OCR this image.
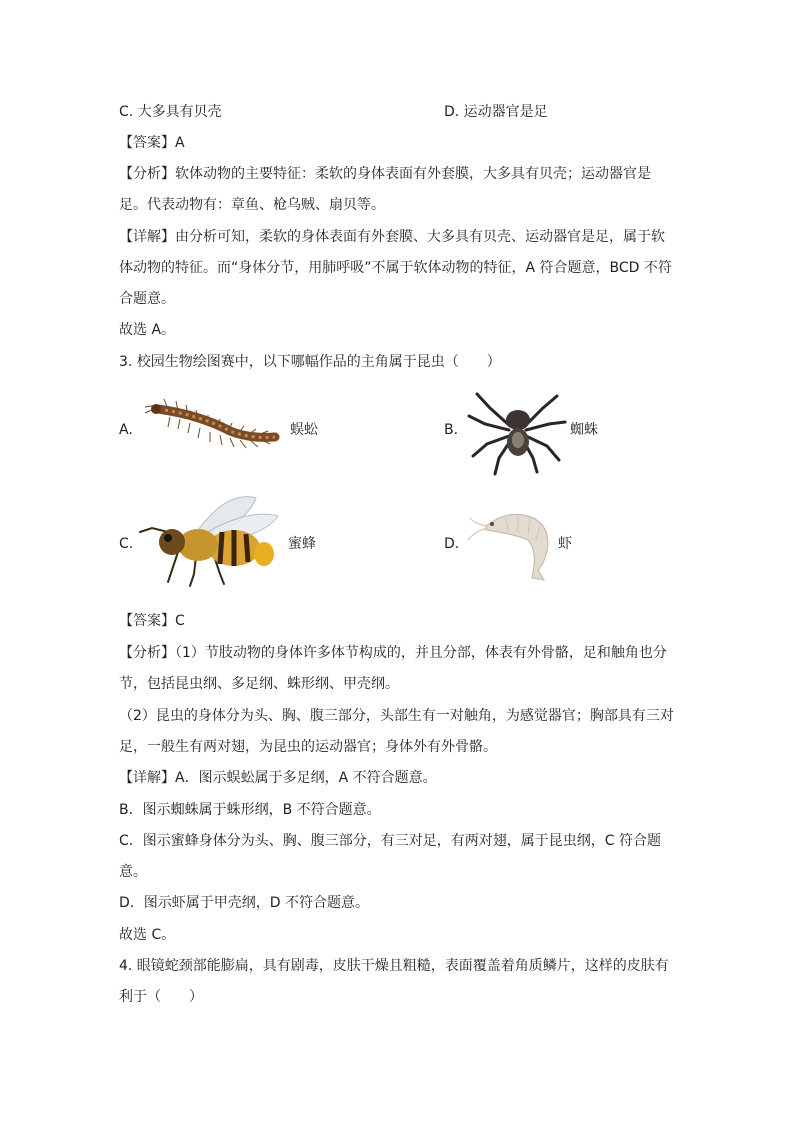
C. 大多具有贝壳	D. 运动器官是足
【答案】A
【分析】软体动物的主要特征：柔软的身体表面有外套膜，大多具有贝壳；运动器官是
足。代表动物有：章鱼、枪乌贼、扇贝等。
【详解】由分析可知，柔软的身体表面有外套膜、大多具有贝壳、运动器官是足，属于软
体动物的特征。而“身体分节，用肺呼吸”不属于软体动物的特征，A 符合题意，BCD 不符
合题意。
故选 A。
3. 校园生物绘图赛中，以下哪幅作品的主角属于昆虫（　　）
A.	蜈蚣	B.	蜘蛛
C.	蜜蜂	D.	虾
【答案】C
【分析】（1）节肢动物的身体许多体节构成的，并且分部，体表有外骨骼，足和触角也分
节，包括昆虫纲、多足纲、蛛形纲、甲壳纲。
（2）昆虫的身体分为头、胸、腹三部分，头部生有一对触角，为感觉器官；胸部具有三对
足，一般生有两对翅，为昆虫的运动器官；身体外有外骨骼。
【详解】A．图示蜈蚣属于多足纲，A 不符合题意。
B．图示蜘蛛属于蛛形纲，B 不符合题意。
C．图示蜜蜂身体分为头、胸、腹三部分，有三对足，有两对翅，属于昆虫纲，C 符合题
意。
D．图示虾属于甲壳纲，D 不符合题意。
故选 C。
4. 眼镜蛇颈部能膨扁，具有剧毒，皮肤干燥且粗糙，表面覆盖着角质鳞片，这样的皮肤有
利于（　　）
